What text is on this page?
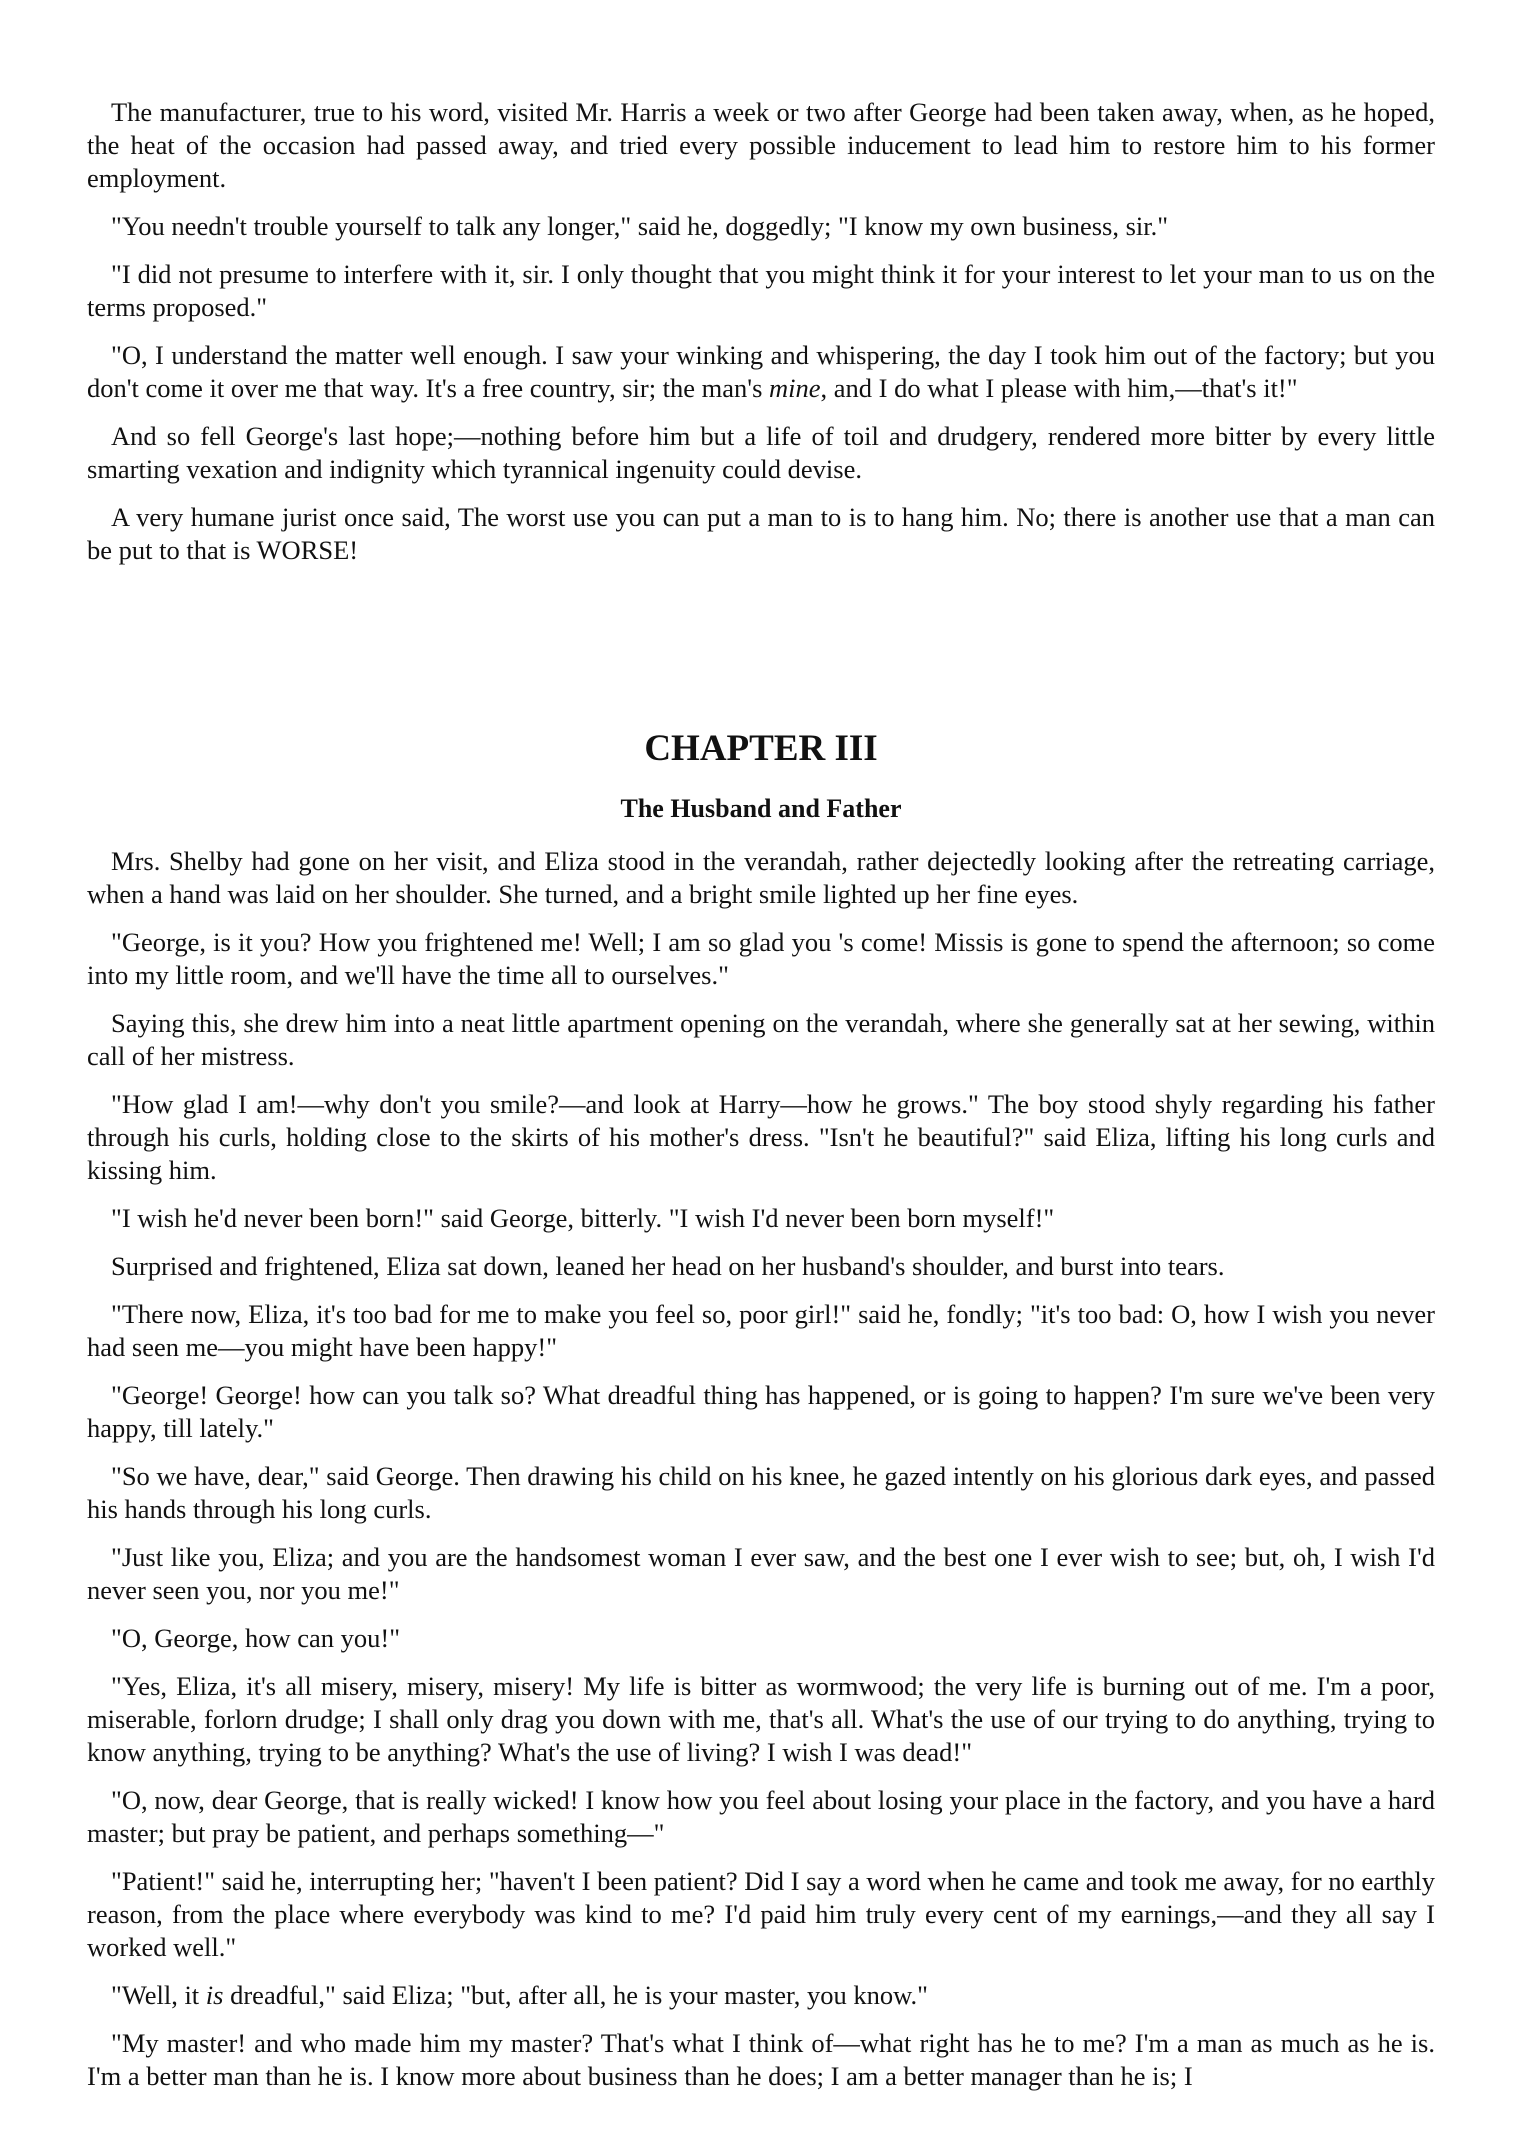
The manufacturer, true to his word, visited Mr. Harris a week or two after George had been taken away, when, as he hoped, the heat of the occasion had passed away, and tried every possible inducement to lead him to restore him to his former employment.

"You needn't trouble yourself to talk any longer," said he, doggedly; "I know my own business, sir."

"I did not presume to interfere with it, sir. I only thought that you might think it for your interest to let your man to us on the terms proposed."

"O, I understand the matter well enough. I saw your winking and whispering, the day I took him out of the factory; but you don't come it over me that way. It's a free country, sir; the man's mine, and I do what I please with him,—that's it!"

And so fell George's last hope;—nothing before him but a life of toil and drudgery, rendered more bitter by every little smarting vexation and indignity which tyrannical ingenuity could devise.

A very humane jurist once said, The worst use you can put a man to is to hang him. No; there is another use that a man can be put to that is WORSE!

CHAPTER III
The Husband and Father

Mrs. Shelby had gone on her visit, and Eliza stood in the verandah, rather dejectedly looking after the retreating carriage, when a hand was laid on her shoulder. She turned, and a bright smile lighted up her fine eyes.

"George, is it you? How you frightened me! Well; I am so glad you 's come! Missis is gone to spend the afternoon; so come into my little room, and we'll have the time all to ourselves."

Saying this, she drew him into a neat little apartment opening on the verandah, where she generally sat at her sewing, within call of her mistress.

"How glad I am!—why don't you smile?—and look at Harry—how he grows." The boy stood shyly regarding his father through his curls, holding close to the skirts of his mother's dress. "Isn't he beautiful?" said Eliza, lifting his long curls and kissing him.

"I wish he'd never been born!" said George, bitterly. "I wish I'd never been born myself!"

Surprised and frightened, Eliza sat down, leaned her head on her husband's shoulder, and burst into tears.

"There now, Eliza, it's too bad for me to make you feel so, poor girl!" said he, fondly; "it's too bad: O, how I wish you never had seen me—you might have been happy!"

"George! George! how can you talk so? What dreadful thing has happened, or is going to happen? I'm sure we've been very happy, till lately."

"So we have, dear," said George. Then drawing his child on his knee, he gazed intently on his glorious dark eyes, and passed his hands through his long curls.

"Just like you, Eliza; and you are the handsomest woman I ever saw, and the best one I ever wish to see; but, oh, I wish I'd never seen you, nor you me!"

"O, George, how can you!"

"Yes, Eliza, it's all misery, misery, misery! My life is bitter as wormwood; the very life is burning out of me. I'm a poor, miserable, forlorn drudge; I shall only drag you down with me, that's all. What's the use of our trying to do anything, trying to know anything, trying to be anything? What's the use of living? I wish I was dead!"

"O, now, dear George, that is really wicked! I know how you feel about losing your place in the factory, and you have a hard master; but pray be patient, and perhaps something—"

"Patient!" said he, interrupting her; "haven't I been patient? Did I say a word when he came and took me away, for no earthly reason, from the place where everybody was kind to me? I'd paid him truly every cent of my earnings,—and they all say I worked well."

"Well, it is dreadful," said Eliza; "but, after all, he is your master, you know."

"My master! and who made him my master? That's what I think of—what right has he to me? I'm a man as much as he is. I'm a better man than he is. I know more about business than he does; I am a better manager than he is; I
